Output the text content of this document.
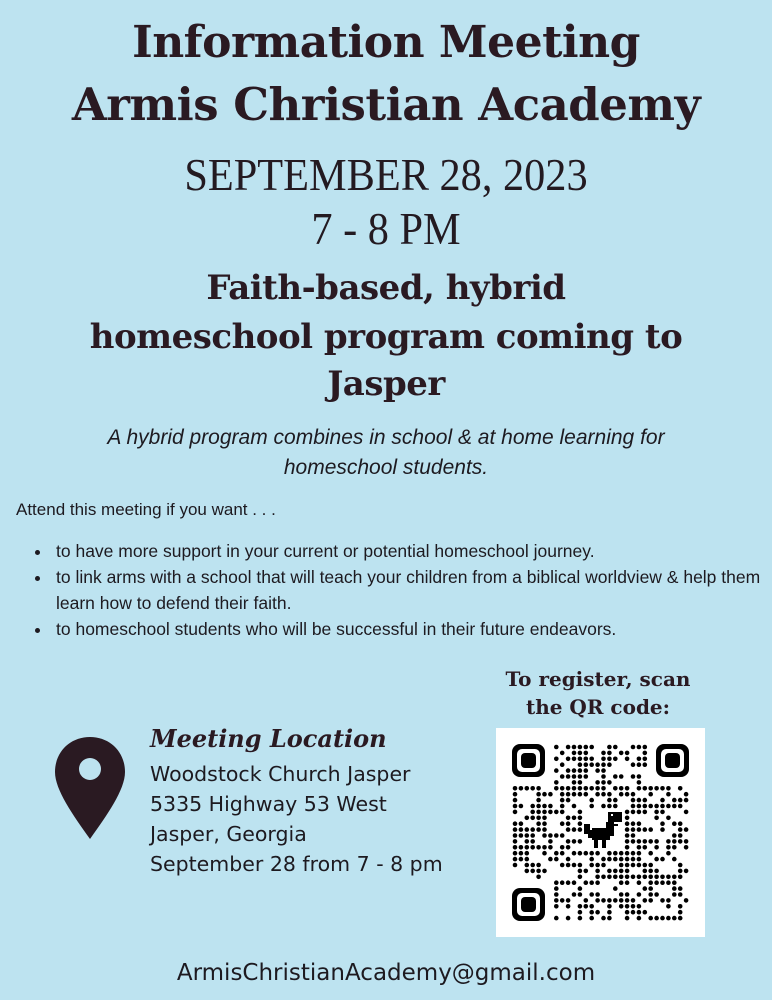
Information Meeting
Armis Christian Academy
SEPTEMBER 28, 2023
7 - 8 PM
Faith-based, hybrid
homeschool program coming to
Jasper
A hybrid program combines in school & at home learning for
homeschool students.
Attend this meeting if you want . . .
• to have more support in your current or potential homeschool journey.
• to link arms with a school that will teach your children from a biblical worldview & help them learn how to defend their faith.
• to homeschool students who will be successful in their future endeavors.
Meeting Location
Woodstock Church Jasper
5335 Highway 53 West
Jasper, Georgia
September 28 from 7 - 8 pm
To register, scan
the QR code:
ArmisChristianAcademy@gmail.com
